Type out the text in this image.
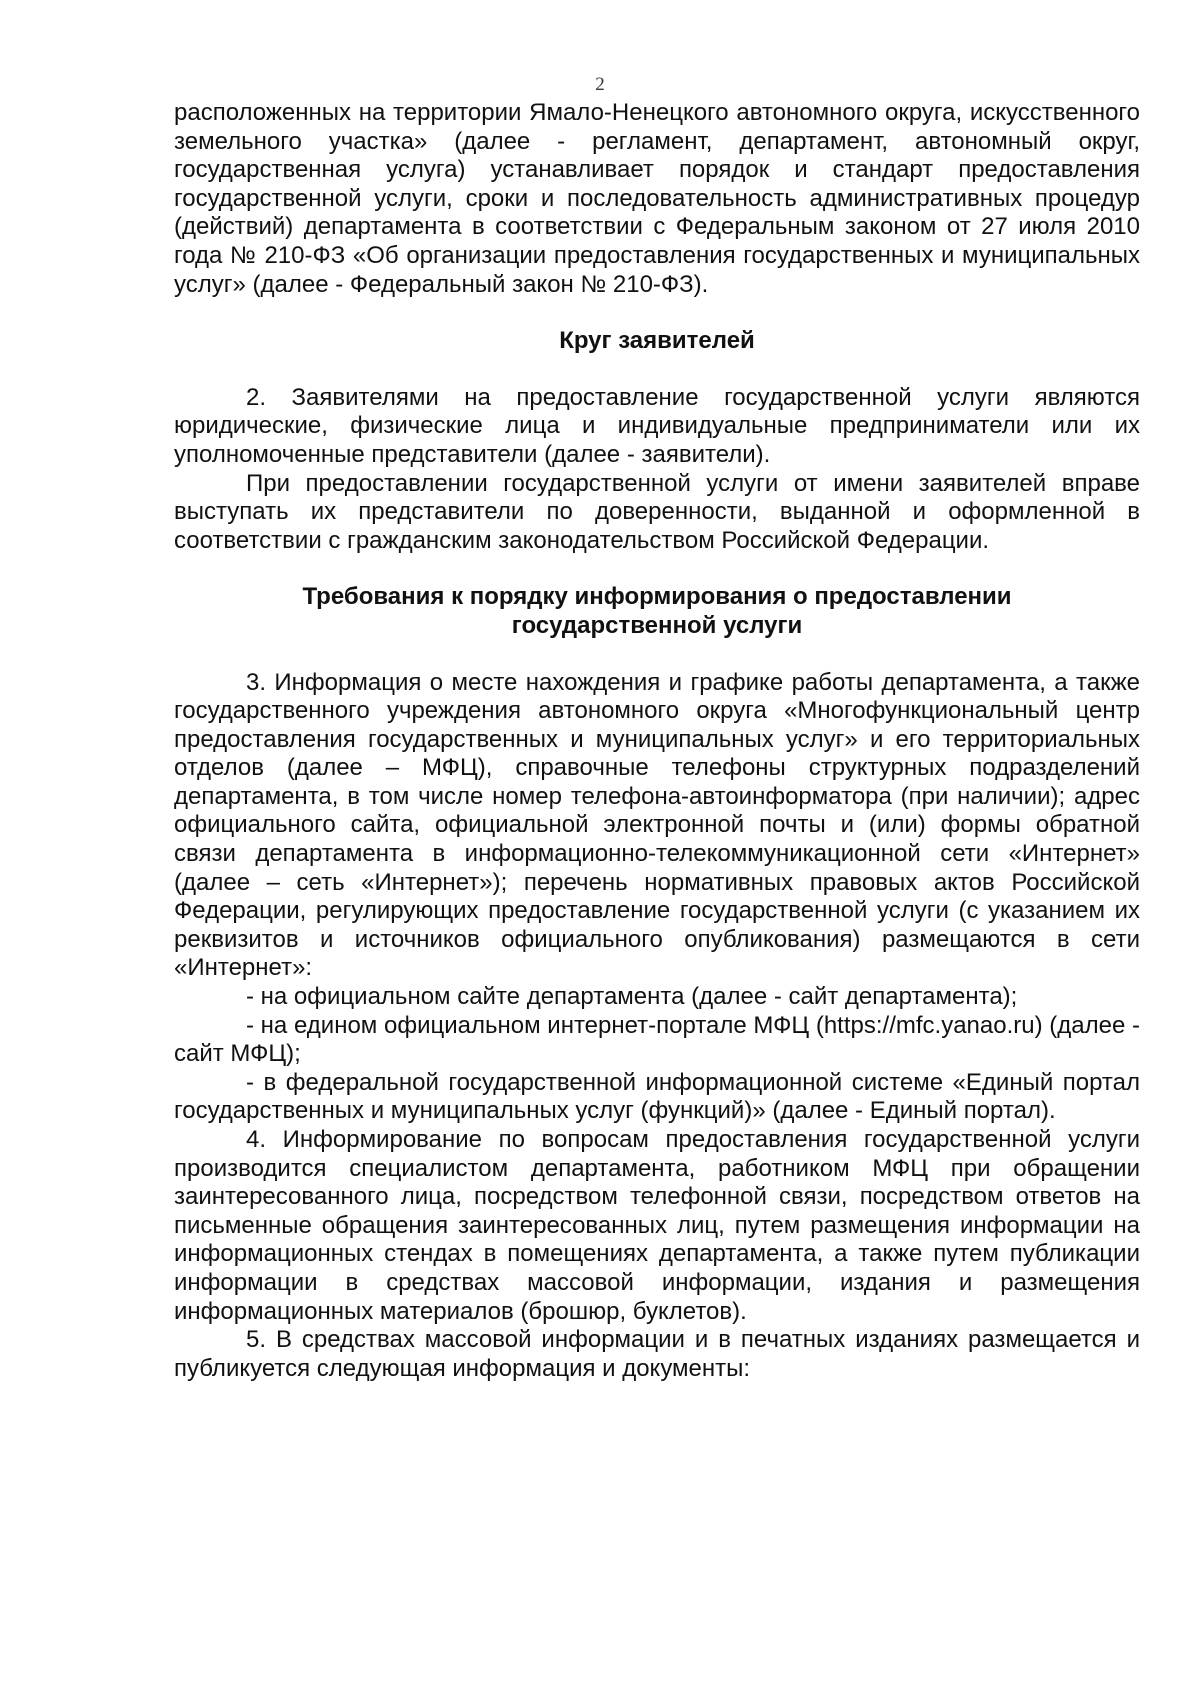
2

расположенных на территории Ямало-Ненецкого автономного округа, искусственного земельного участка» (далее - регламент, департамент, автономный округ, государственная услуга) устанавливает порядок и стандарт предоставления государственной услуги, сроки и последовательность административных процедур (действий) департамента в соответствии с Федеральным законом от 27 июля 2010 года № 210-ФЗ «Об организации предоставления государственных и муниципальных услуг» (далее - Федеральный закон № 210-ФЗ).

Круг заявителей

2. Заявителями на предоставление государственной услуги являются юридические, физические лица и индивидуальные предприниматели или их уполномоченные представители (далее - заявители).

При предоставлении государственной услуги от имени заявителей вправе выступать их представители по доверенности, выданной и оформленной в соответствии с гражданским законодательством Российской Федерации.

Требования к порядку информирования о предоставлении
государственной услуги

3. Информация о месте нахождения и графике работы департамента, а также государственного учреждения автономного округа «Многофункциональный центр предоставления государственных и муниципальных услуг» и его территориальных отделов (далее – МФЦ), справочные телефоны структурных подразделений департамента, в том числе номер телефона-автоинформатора (при наличии); адрес официального сайта, официальной электронной почты и (или) формы обратной связи департамента в информационно-телекоммуникационной сети «Интернет» (далее – сеть «Интернет»); перечень нормативных правовых актов Российской Федерации, регулирующих предоставление государственной услуги (с указанием их реквизитов и источников официального опубликования) размещаются в сети «Интернет»:

- на официальном сайте департамента (далее - сайт департамента);

- на едином официальном интернет-портале МФЦ (https://mfc.yanao.ru) (далее - сайт МФЦ);

- в федеральной государственной информационной системе «Единый портал государственных и муниципальных услуг (функций)» (далее - Единый портал).

4. Информирование по вопросам предоставления государственной услуги производится специалистом департамента, работником МФЦ при обращении заинтересованного лица, посредством телефонной связи, посредством ответов на письменные обращения заинтересованных лиц, путем размещения информации на информационных стендах в помещениях департамента, а также путем публикации информации в средствах массовой информации, издания и размещения информационных материалов (брошюр, буклетов).

5. В средствах массовой информации и в печатных изданиях размещается и публикуется следующая информация и документы:
